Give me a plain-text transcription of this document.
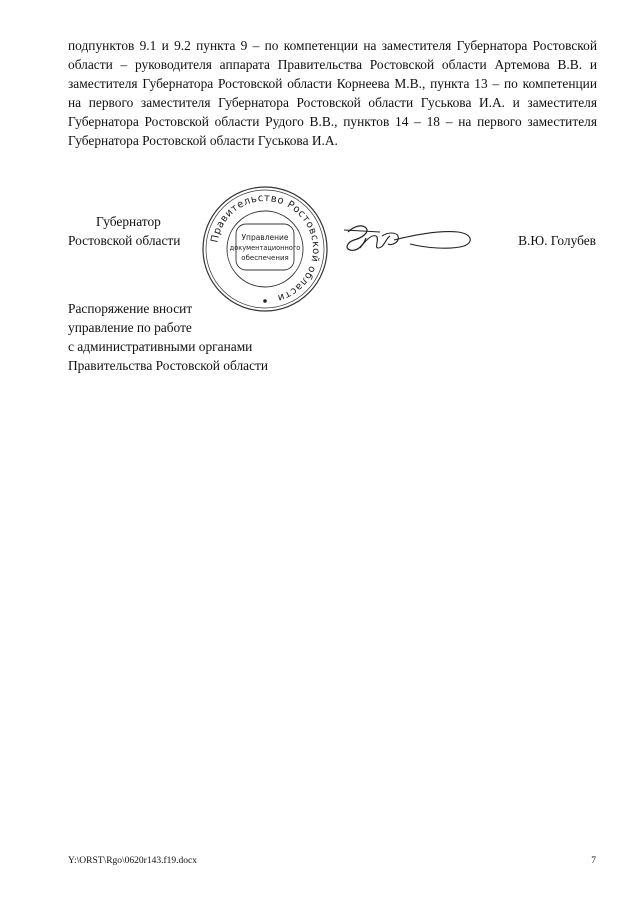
подпунктов 9.1 и 9.2 пункта 9 – по компетенции на заместителя Губернатора Ростовской области – руководителя аппарата Правительства Ростовской области Артемова В.В. и заместителя Губернатора Ростовской области Корнеева М.В., пункта 13 – по компетенции на первого заместителя Губернатора Ростовской области Гуськова И.А. и заместителя Губернатора Ростовской области Рудого В.В., пунктов 14 – 18 – на первого заместителя Губернатора Ростовской области Гуськова И.А.

Губернатор
Ростовской области	Правительство Ростовской области
Управление
документационного
обеспечения
В.Ю. Голубев
Распоряжение вносит
управление по работе
с административными органами
Правительства Ростовской области
Y:\ORST\Rgo\0620r143.f19.docx	7
